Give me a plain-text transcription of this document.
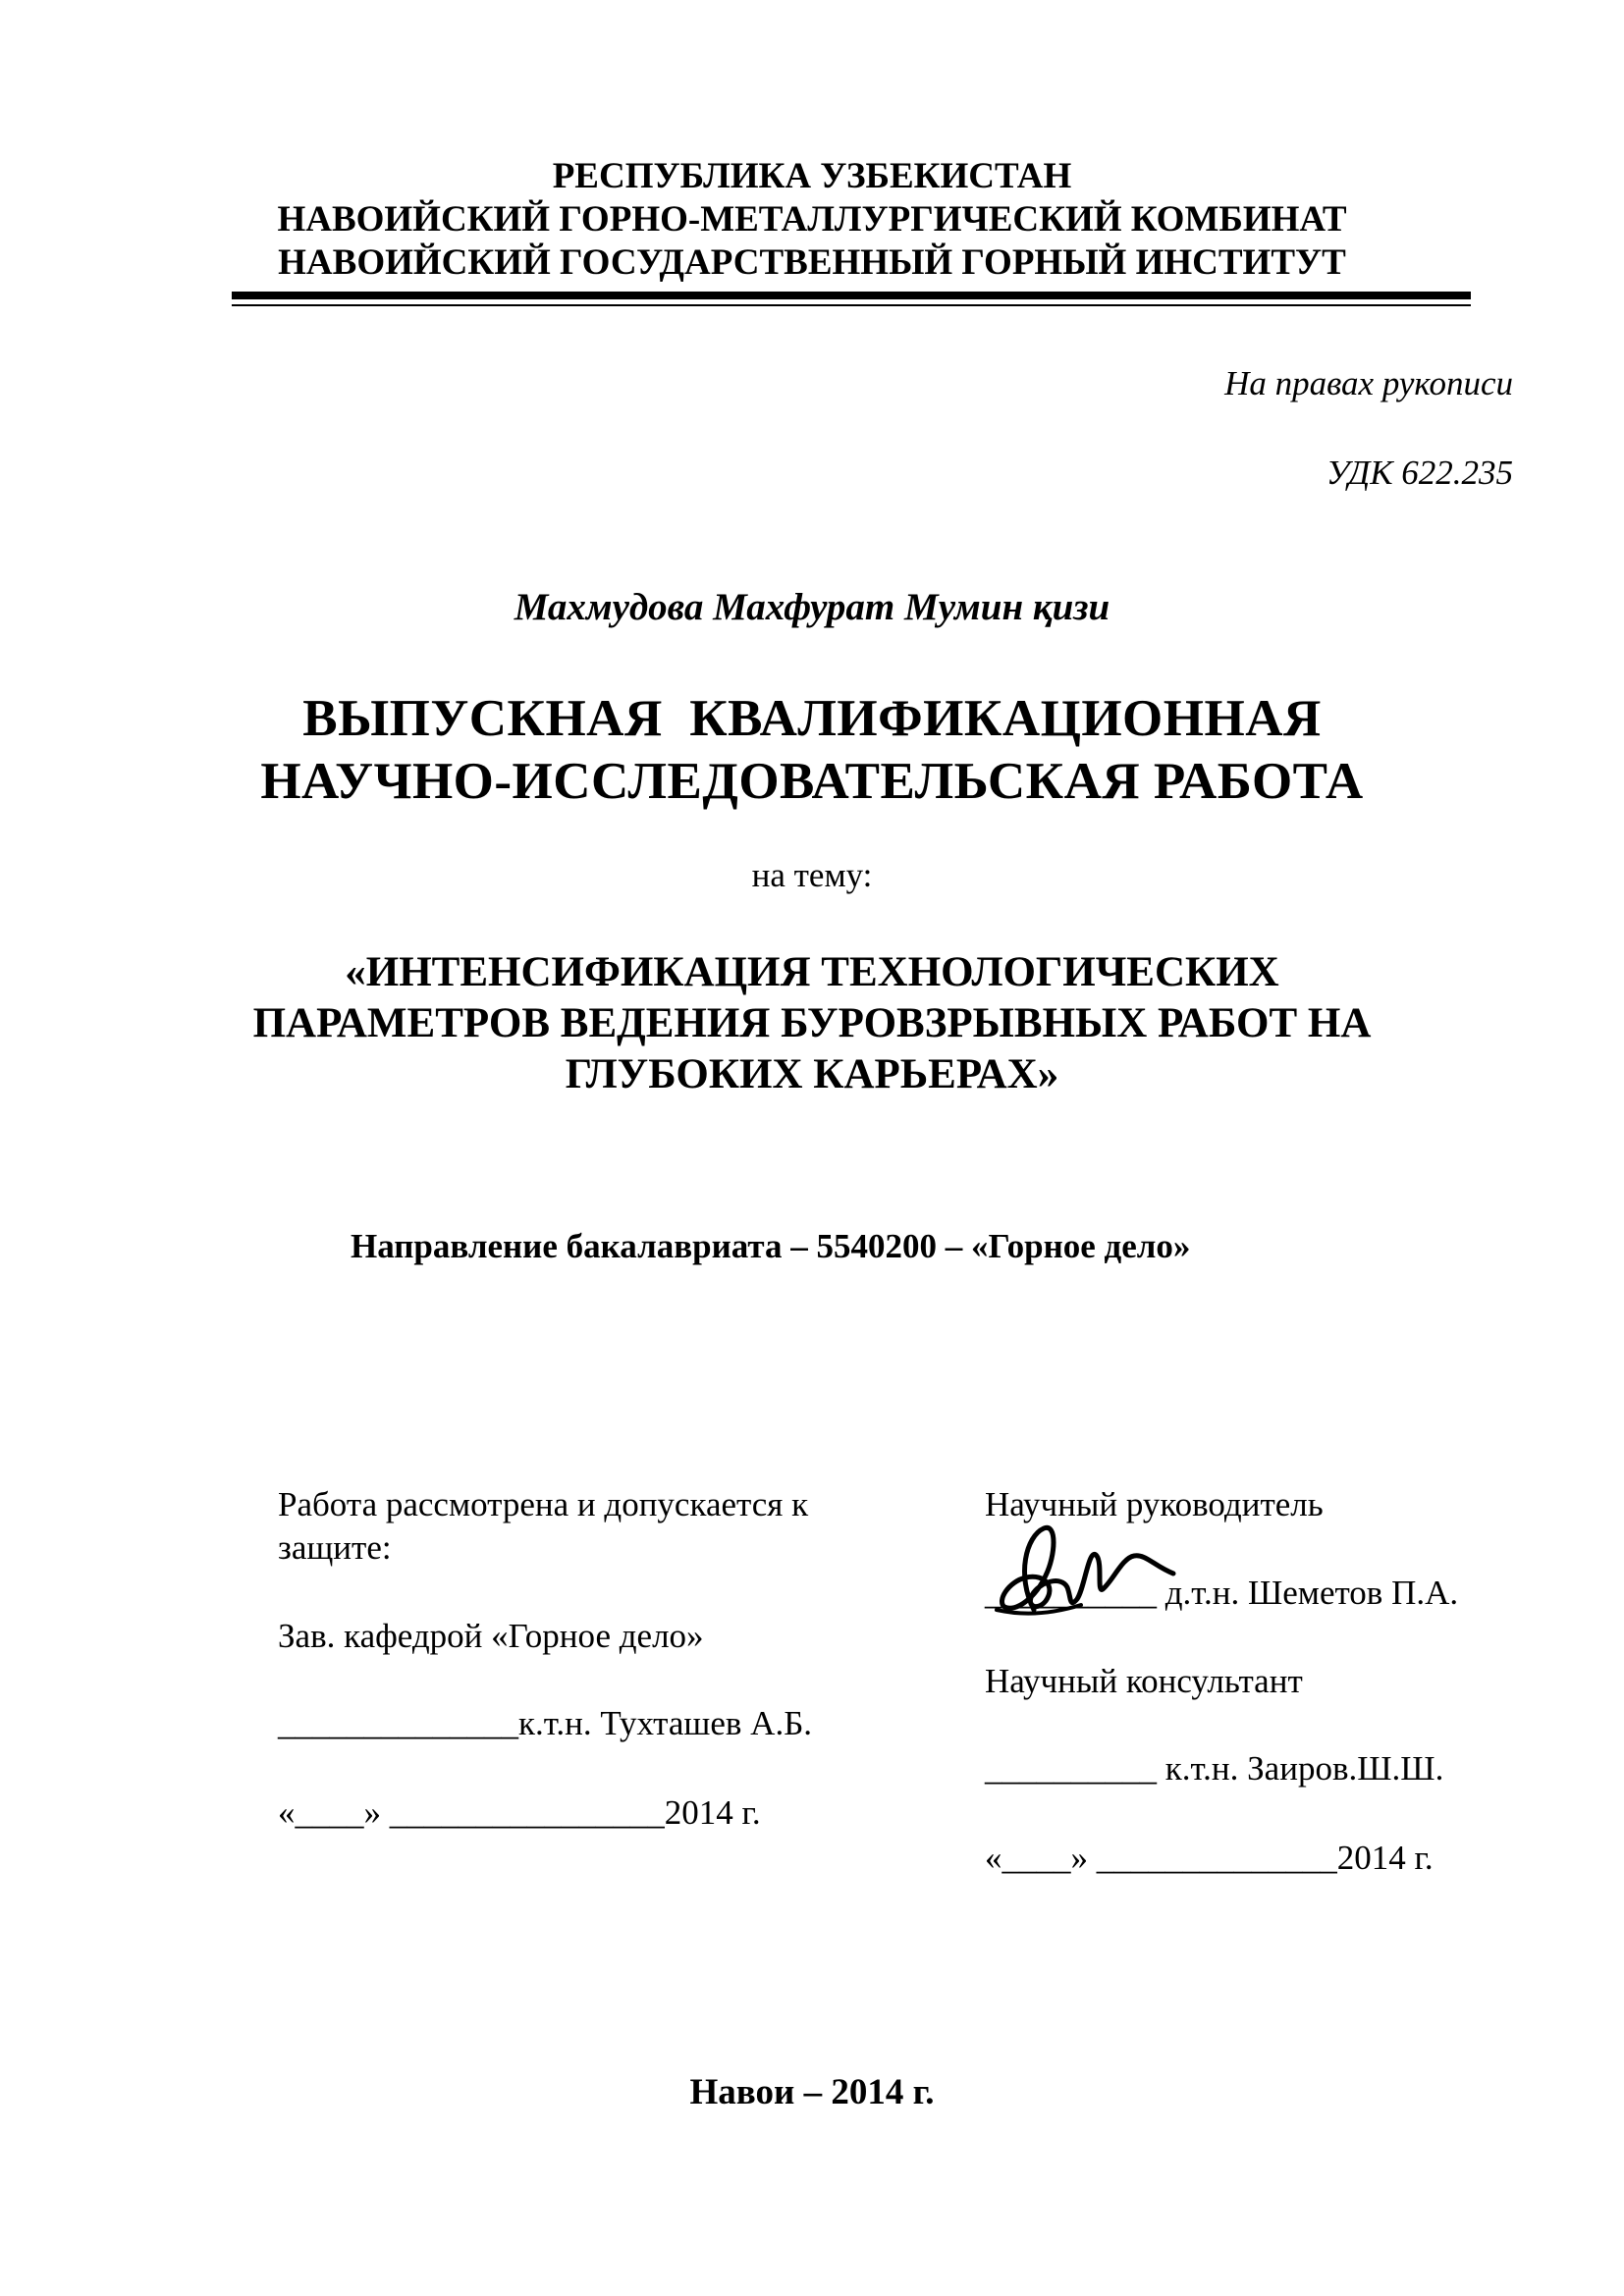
РЕСПУБЛИКА УЗБЕКИСТАН
НАВОИЙСКИЙ ГОРНО-МЕТАЛЛУРГИЧЕСКИЙ КОМБИНАТ
НАВОИЙСКИЙ ГОСУДАРСТВЕННЫЙ ГОРНЫЙ ИНСТИТУТ
На правах рукописи
УДК 622.235
Махмудова Махфурат Мумин қизи
ВЫПУСКНАЯ  КВАЛИФИКАЦИОННАЯ
НАУЧНО-ИССЛЕДОВАТЕЛЬСКАЯ РАБОТА
на тему:
«ИНТЕНСИФИКАЦИЯ ТЕХНОЛОГИЧЕСКИХ
ПАРАМЕТРОВ ВЕДЕНИЯ БУРОВЗРЫВНЫХ РАБОТ НА
ГЛУБОКИХ КАРЬЕРАХ»
Направление бакалавриата – 5540200 – «Горное дело»
Работа рассмотрена и допускается к
защите:
Зав. кафедрой «Горное дело»
______________к.т.н. Тухташев А.Б.
«____» ________________2014 г.
Научный руководитель
__________ д.т.н. Шеметов П.А.
Научный консультант
__________ к.т.н. Заиров.Ш.Ш.
«____» ______________2014 г.
Навои – 2014 г.
